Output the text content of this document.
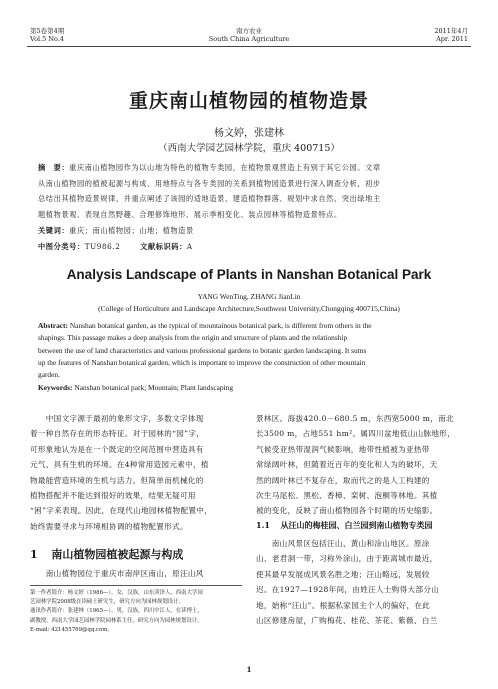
第5卷第4期
Vol.5 No.4
南方农业
South China Agriculture
2011年4月
Apr. 2011
重庆南山植物园的植物造景
杨文婷，张建林
（西南大学园艺园林学院，重庆 400715）
摘　要：重庆南山植物园作为以山地为特色的植物专类园，在植物景观营造上有别于其它公园。文章
从南山植物园的植被起源与构成、用地特点与各专类园的关系到植物园造景进行深入调查分析，初步
总结出其植物造景规律，并重点阐述了该园的适地造景、建造植物群落、规划中求自然、突出绿地主
题植物景观、表现自然野趣、合理修饰地形、展示季相变化、装点园林等植物造景特点。
关键词：重庆；南山植物园；山地；植物造景
中图分类号：TU986.2	文献标识码：A
Analysis Landscape of Plants in Nanshan Botanical Park
YANG WenTing, ZHANG JianLin
(College of Horticulture and Landscape Architecture,Southwest University,Chongqing 400715,China)
Abstract: Nanshan botanical garden, as the typical of mountainous botanical park, is different from others in the
shapings. This passage makes a deep analysis from the origin and structure of plants and the relationship
between the use of land characteristics and various professional gardens to botanic garden landscaping. It sums
up the features of Nanshan botanical garden, which is important to improve the construction of other mountain
garden.
Keywords: Nanshan botanical park; Mountain; Plant landscaping
　　中国文字源于最初的象形文字，多数文字体现
着一种自然存在的形态特征。对于园林的“园”字，
可形象地认为是在一个既定的空间范围中营造具有
元气、具有生机的环境。在4种常用造园元素中，植
物最能营造环境的生机与活力。但简单而机械化的
植物搭配并不能达到很好的效果，结果无疑可用
“困”字来表现。因此，在现代山地园林植物配置中，
始终需要寻求与环境相协调的植物配置形式。
1 南山植物园植被起源与构成
　　南山植物园位于重庆市南岸区南山，原汪山风
第一作者简介：杨文婷（1986—），女，汉族，山东菏泽人，西南大学园
艺园林学院2008级在读硕士研究生，研究方向为园林规划设计。
通讯作者简介：张建林（1965—），男，汉族，四川中江人，在读博士，
副教授，西南大学园艺园林学院园林系主任，研究方向为园林规划设计。
E-mail: 421455769@qq.com。
景林区。海拔420.0－680.5 m，东西宽5000 m，南北
长3500 m，占地551 hm²。属四川盆地低山山脉地形，
气候受亚热带湿润气候影响，地带性植被为亚热带
常绿阔叶林，但随着近百年的变化和人为的破坏，天
然的阔叶林已不复存在，取而代之的是人工构建的
次生马尾松、黑松、香樟、栾树、泡桐等林地。其植
被的变化，反映了南山植物园各个时期的历史缩影。
1.1 从汪山的梅桂园、白兰园到南山植物专类园
　　南山风景区包括汪山、黄山和涂山地区。原涂
山、老君洞一带，习称外涂山，由于距离城市最近，
使其最早发展成风景名胜之地；汪山略远，发展较
迟。在1927—1928年间，由姓汪人士购得大部分山
地，始称“汪山”。根据私家园主个人的偏好，在此
山区修建房屋，广购梅花、桂花、茶花、紫薇、白兰
1
